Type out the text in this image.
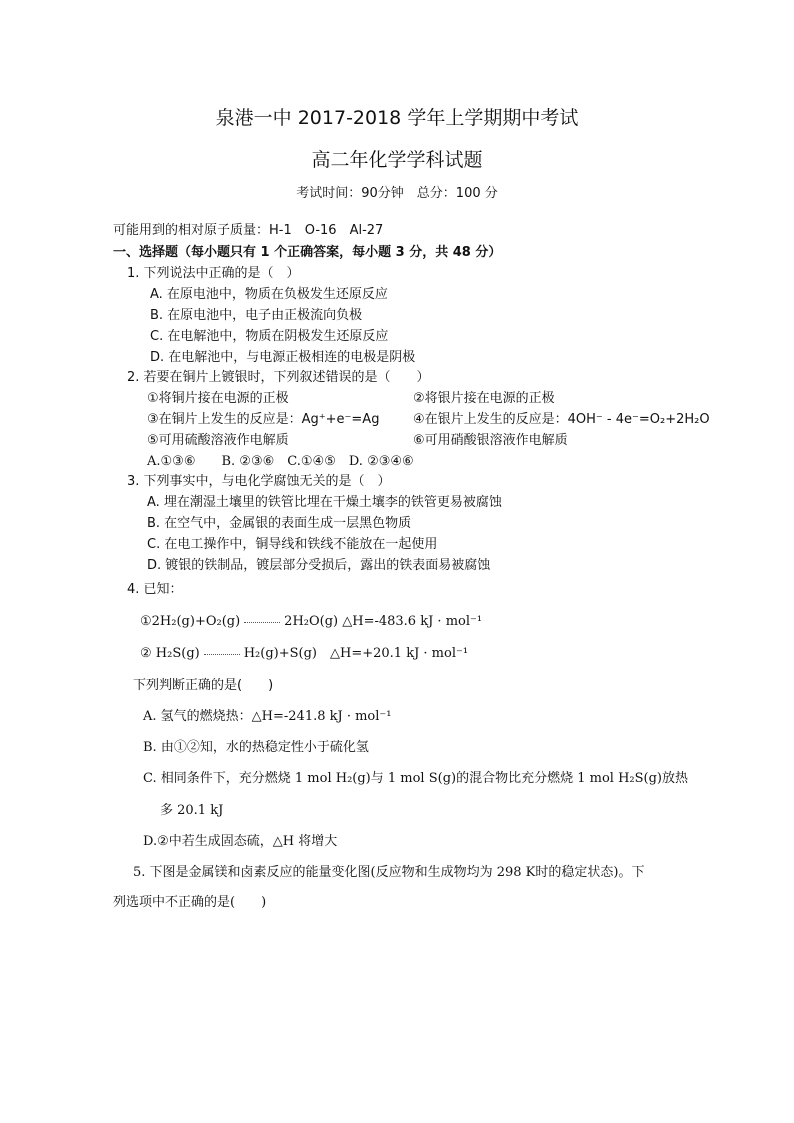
泉港一中 2017-2018 学年上学期期中考试
高二年化学学科试题
考试时间：90分钟　总分：100 分
可能用到的相对原子质量：H-1　O-16　Al-27
一、选择题（每小题只有 1 个正确答案，每小题 3 分，共 48 分）
1. 下列说法中正确的是（　）
A. 在原电池中，物质在负极发生还原反应
B. 在原电池中，电子由正极流向负极
C. 在电解池中，物质在阴极发生还原反应
D. 在电解池中，与电源正极相连的电极是阴极
2. 若要在铜片上镀银时，下列叙述错误的是（　　）
①将铜片接在电源的正极	②将银片接在电源的正极
③在铜片上发生的反应是：Ag⁺+e⁻=Ag	④在银片上发生的反应是：4OH⁻ - 4e⁻=O₂+2H₂O
⑤可用硫酸溶液作电解质	⑥可用硝酸银溶液作电解质
A.①③⑥　　B. ②③⑥　C.①④⑤　D. ②③④⑥
3. 下列事实中，与电化学腐蚀无关的是（　）
A. 埋在潮湿土壤里的铁管比埋在干燥土壤李的铁管更易被腐蚀
B. 在空气中，金属银的表面生成一层黑色物质
C. 在电工操作中，铜导线和铁线不能放在一起使用
D. 镀银的铁制品，镀层部分受损后，露出的铁表面易被腐蚀
4. 已知：
①2H₂(g)+O₂(g)	2H₂O(g) △H=-483.6 kJ · mol⁻¹
② H₂S(g)	H₂(g)+S(g)　△H=+20.1 kJ · mol⁻¹
下列判断正确的是(　　)
A. 氢气的燃烧热：△H=-241.8 kJ · mol⁻¹
B. 由①②知，水的热稳定性小于硫化氢
C. 相同条件下，充分燃烧 1 mol H₂(g)与 1 mol S(g)的混合物比充分燃烧 1 mol H₂S(g)放热
多 20.1 kJ
D.②中若生成固态硫，△H 将增大
5. 下图是金属镁和卤素反应的能量变化图(反应物和生成物均为 298 K时的稳定状态)。下
列选项中不正确的是(　　)
